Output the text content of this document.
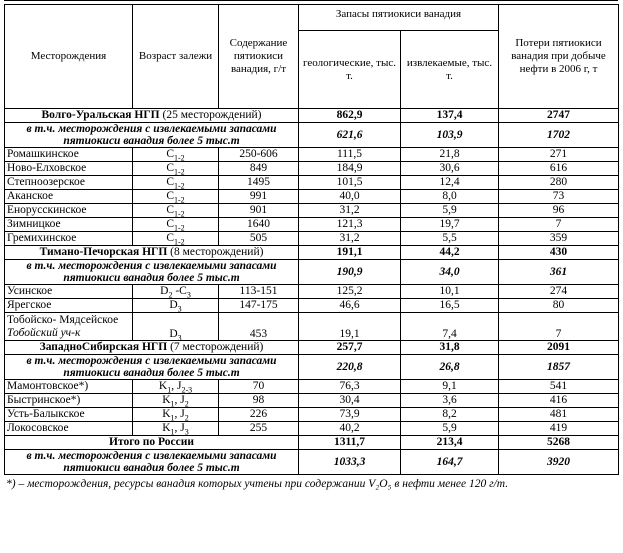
Месторождения	Возраст залежи	Содержание пятиокиси ванадия, г/т	Запасы пятиокиси ванадия		Потери пятиокиси ванадия при добыче нефти в 2006 г, т
			геологические, тыс. т.	извлекаемые, тыс. т.	
Волго-Уральская НГП (25 месторождений)			862,9	137,4	2747
в т.ч. месторождения с извлекаемыми запасами пятиокиси ванадия более 5 тыс.т			621,6	103,9	1702
Ромашкинское	$C_{1-2}$	250-606	111,5	21,8	271
Ново-Елховское	$C_{1-2}$	849	184,9	30,6	616
Степноозерское	$C_{1-2}$	1495	101,5	12,4	280
Аканское	$C_{1-2}$	991	40,0	8,0	73
Енорусскинское	$C_{1-2}$	901	31,2	5,9	96
Зимницкое	$C_{1-2}$	1640	121,3	19,7	7
Гремихинское	$C_{1-2}$	505	31,2	5,5	359
Тимано-Печорская НГП (8 месторождений)			191,1	44,2	430
в т.ч. месторождения с извлекаемыми запасами пятиокиси ванадия более 5 тыс.т			190,9	34,0	361
Усинское	$D_2$ $-C_3$	113-151	125,2	10,1	274
Ярегское	$D_3$	147-175	46,6	16,5	80

Тобойско- Мядсейское
Тобойский уч-к	$D_3$	453	19,1	7,4	7
ЗападноСибирская НГП (7 месторождений)			257,7	31,8	2091
в т.ч. месторождения с извлекаемыми запасами пятиокиси ванадия более 5 тыс.т			220,8	26,8	1857
Мамонтовское*)	$K_1$, $J_{2-3}$	70	76,3	9,1	541
Быстринское*)	$K_1$, $J_2$	98	30,4	3,6	416
Усть-Балыкское	$K_1$, $J_2$	226	73,9	8,2	481
Локосовское	$K_1$, $J_3$	255	40,2	5,9	419
Итого по России			1311,7	213,4	5268
в т.ч. месторождения с извлекаемыми запасами пятиокиси ванадия более 5 тыс.т			1033,3	164,7	3920
*) – месторождения, ресурсы ванадия которых учтены при содержании V₂O₅ в нефти менее 120 г/т.
